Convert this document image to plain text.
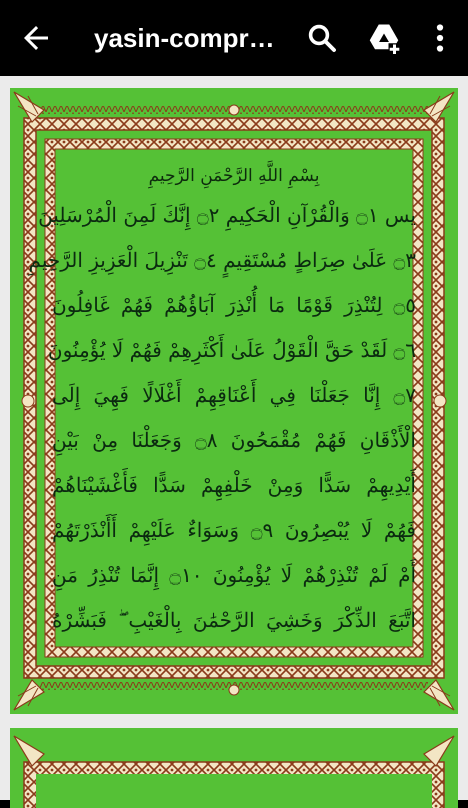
yasin-compr…
بِسْمِ اللَّهِ الرَّحْمَنِ الرَّحِيمِ
يس ۝١ وَالْقُرْآنِ الْحَكِيمِ ۝٢ إِنَّكَ لَمِنَ الْمُرْسَلِينَ
۝٣ عَلَىٰ صِرَاطٍ مُسْتَقِيمٍ ۝٤ تَنْزِيلَ الْعَزِيزِ الرَّحِيمِ
۝٥ لِتُنْذِرَ قَوْمًا مَا أُنْذِرَ آبَاؤُهُمْ فَهُمْ غَافِلُونَ
۝٦ لَقَدْ حَقَّ الْقَوْلُ عَلَىٰ أَكْثَرِهِمْ فَهُمْ لَا يُؤْمِنُونَ
۝٧ إِنَّا جَعَلْنَا فِي أَعْنَاقِهِمْ أَغْلَالًا فَهِيَ إِلَى
الْأَذْقَانِ فَهُمْ مُقْمَحُونَ ۝٨ وَجَعَلْنَا مِنْ بَيْنِ
أَيْدِيهِمْ سَدًّا وَمِنْ خَلْفِهِمْ سَدًّا فَأَغْشَيْنَاهُمْ
فَهُمْ لَا يُبْصِرُونَ ۝٩ وَسَوَاءٌ عَلَيْهِمْ أَأَنْذَرْتَهُمْ
أَمْ لَمْ تُنْذِرْهُمْ لَا يُؤْمِنُونَ ۝١٠ إِنَّمَا تُنْذِرُ مَنِ
اتَّبَعَ الذِّكْرَ وَخَشِيَ الرَّحْمَٰنَ بِالْغَيْبِ ۖ فَبَشِّرْهُ
